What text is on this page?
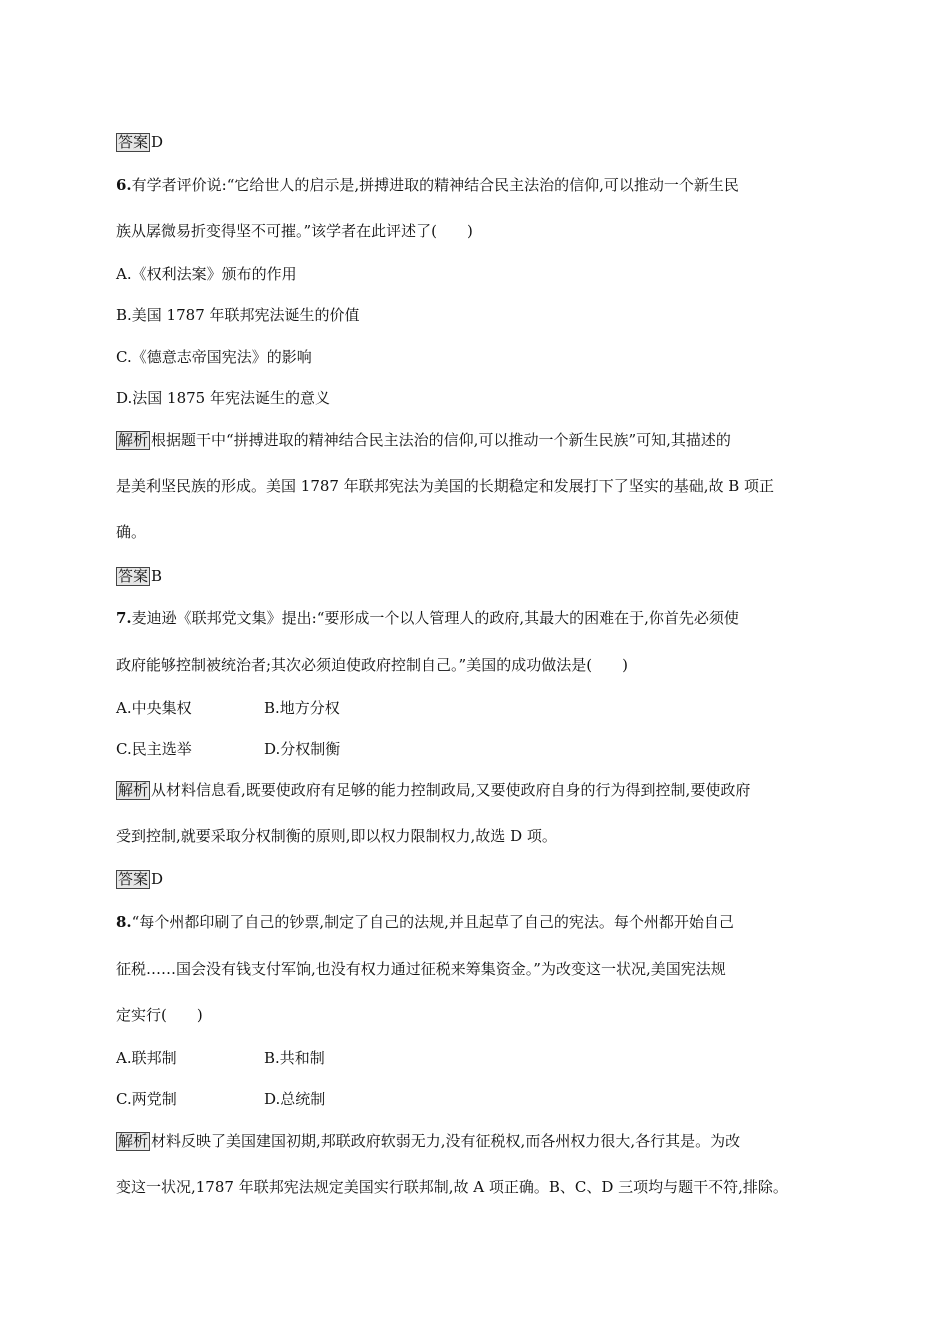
答案 D
6.有学者评价说:“它给世人的启示是,拼搏进取的精神结合民主法治的信仰,可以推动一个新生民
族从孱微易折变得坚不可摧。”该学者在此评述了(　　)
A.《权利法案》颁布的作用
B.美国 1787 年联邦宪法诞生的价值
C.《德意志帝国宪法》的影响
D.法国 1875 年宪法诞生的意义
解析 根据题干中“拼搏进取的精神结合民主法治的信仰,可以推动一个新生民族”可知,其描述的
是美利坚民族的形成。美国 1787 年联邦宪法为美国的长期稳定和发展打下了坚实的基础,故 B 项正
确。
答案 B
7.麦迪逊《联邦党文集》提出:“要形成一个以人管理人的政府,其最大的困难在于,你首先必须使
政府能够控制被统治者;其次必须迫使政府控制自己。”美国的成功做法是(　　)
A.中央集权	B.地方分权
C.民主选举	D.分权制衡
解析 从材料信息看,既要使政府有足够的能力控制政局,又要使政府自身的行为得到控制,要使政府
受到控制,就要采取分权制衡的原则,即以权力限制权力,故选 D 项。
答案 D
8.“每个州都印刷了自己的钞票,制定了自己的法规,并且起草了自己的宪法。每个州都开始自己
征税……国会没有钱支付军饷,也没有权力通过征税来筹集资金。”为改变这一状况,美国宪法规
定实行(　　)
A.联邦制	B.共和制
C.两党制	D.总统制
解析 材料反映了美国建国初期,邦联政府软弱无力,没有征税权,而各州权力很大,各行其是。为改
变这一状况,1787 年联邦宪法规定美国实行联邦制,故 A 项正确。B、C、D 三项均与题干不符,排除。
